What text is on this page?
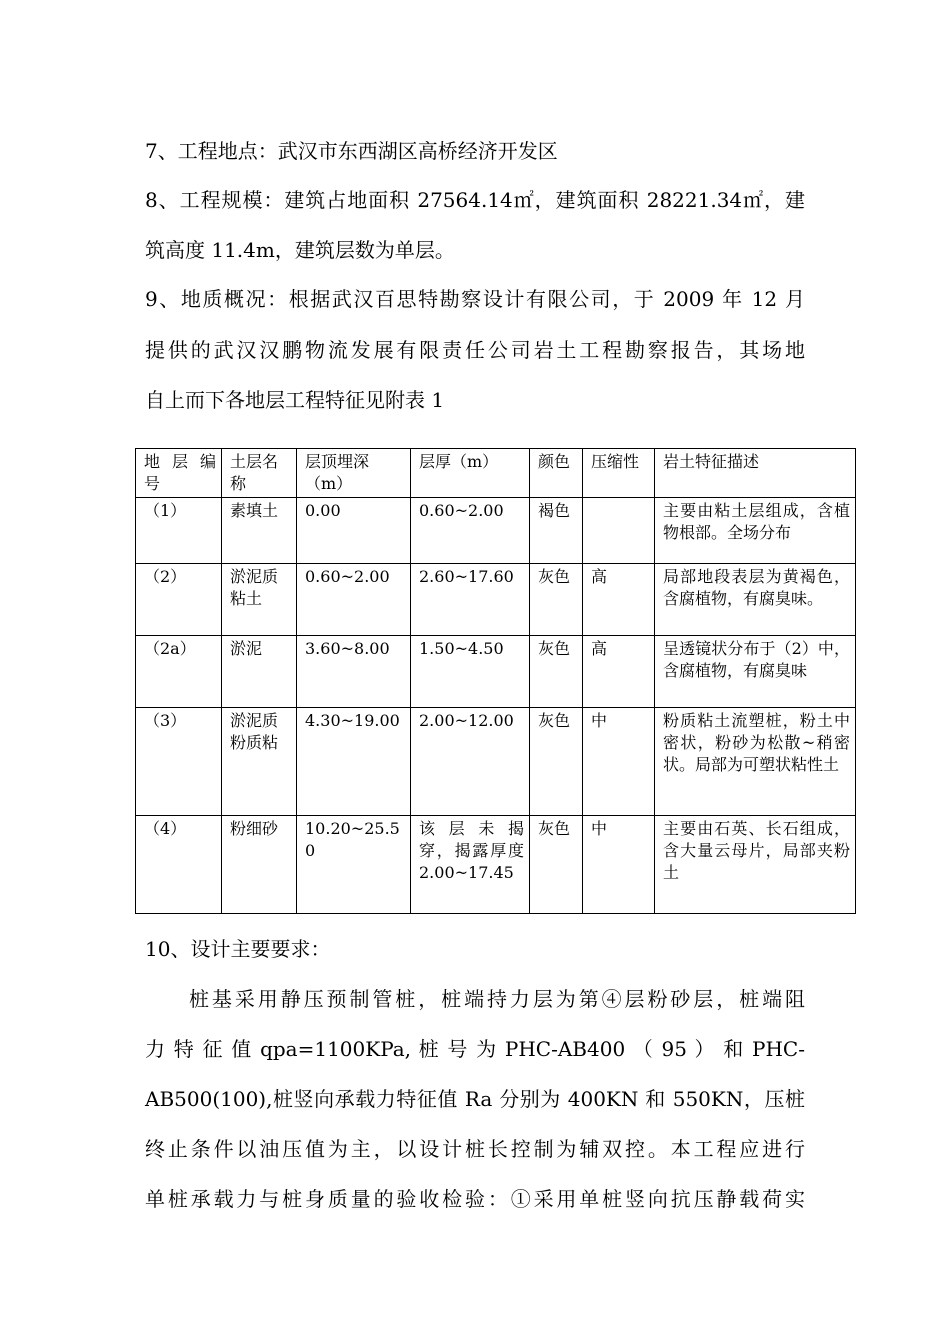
7、工程地点：武汉市东西湖区高桥经济开发区
8、工程规模：建筑占地面积 27564.14㎡，建筑面积 28221.34㎡，建
筑高度 11.4m，建筑层数为单层。
9、地质概况：根据武汉百思特勘察设计有限公司，于 2009 年 12 月
提供的武汉汉鹏物流发展有限责任公司岩土工程勘察报告，其场地
自上而下各地层工程特征见附表 1
地 层 编号	土层名称	层顶埋深（m）	层厚（m）	颜色	压缩性	岩土特征描述
（1）	素填土	0.00	0.60~2.00	褐色		主要由粘土层组成，含植物根部。全场分布
（2）	淤泥质粘土	0.60~2.00	2.60~17.60	灰色	高	局部地段表层为黄褐色，含腐植物，有腐臭味。
（2a）	淤泥	3.60~8.00	1.50~4.50	灰色	高	呈透镜状分布于（2）中，含腐植物，有腐臭味
（3）	淤泥质粉质粘	4.30~19.00	2.00~12.00	灰色	中	粉质粘土流塑桩，粉土中密状，粉砂为松散~稍密状。局部为可塑状粘性土
（4）	粉细砂	10.20~25.50	该 层 未 揭 穿，揭露厚度 2.00~17.45	灰色	中	主要由石英、长石组成，含大量云母片，局部夹粉土
10、设计主要要求：
桩基采用静压预制管桩，桩端持力层为第④层粉砂层，桩端阻
力 特 征 值 qpa=1100KPa, 桩 号 为 PHC-AB400 （ 95 ） 和 PHC-
AB500(100),桩竖向承载力特征值 Ra 分别为 400KN 和 550KN，压桩
终止条件以油压值为主，以设计桩长控制为辅双控。本工程应进行
单桩承载力与桩身质量的验收检验：①采用单桩竖向抗压静载荷实
